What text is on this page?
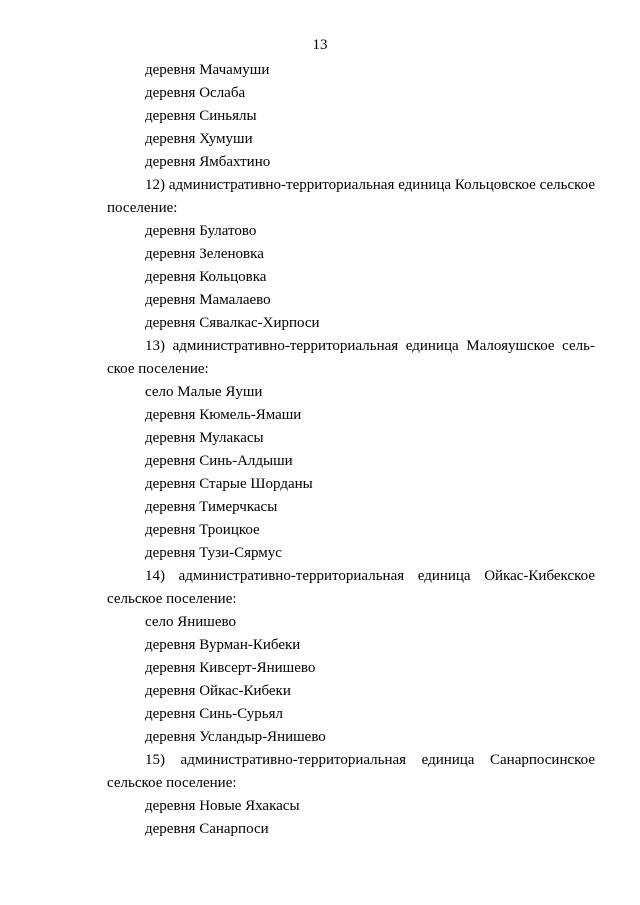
13

деревня Мачамуши

деревня Ослаба

деревня Синьялы

деревня Хумуши

деревня Ямбахтино

12) административно-территориальная единица Кольцовское сельское поселение:

деревня Булатово

деревня Зеленовка

деревня Кольцовка

деревня Мамалаево

деревня Сявалкас-Хирпоси

13) административно-территориальная единица Малояушское сельское поселение:

село Малые Яуши

деревня Кюмель-Ямаши

деревня Мулакасы

деревня Синь-Алдыши

деревня Старые Шорданы

деревня Тимерчкасы

деревня Троицкое

деревня Тузи-Сярмус

14) административно-территориальная единица Ойкас-Кибекское сельское поселение:

село Янишево

деревня Вурман-Кибеки

деревня Кивсерт-Янишево

деревня Ойкас-Кибеки

деревня Синь-Сурьял

деревня Усландыр-Янишево

15) административно-территориальная единица Санарпосинское сельское поселение:

деревня Новые Яхакасы

деревня Санарпоси
